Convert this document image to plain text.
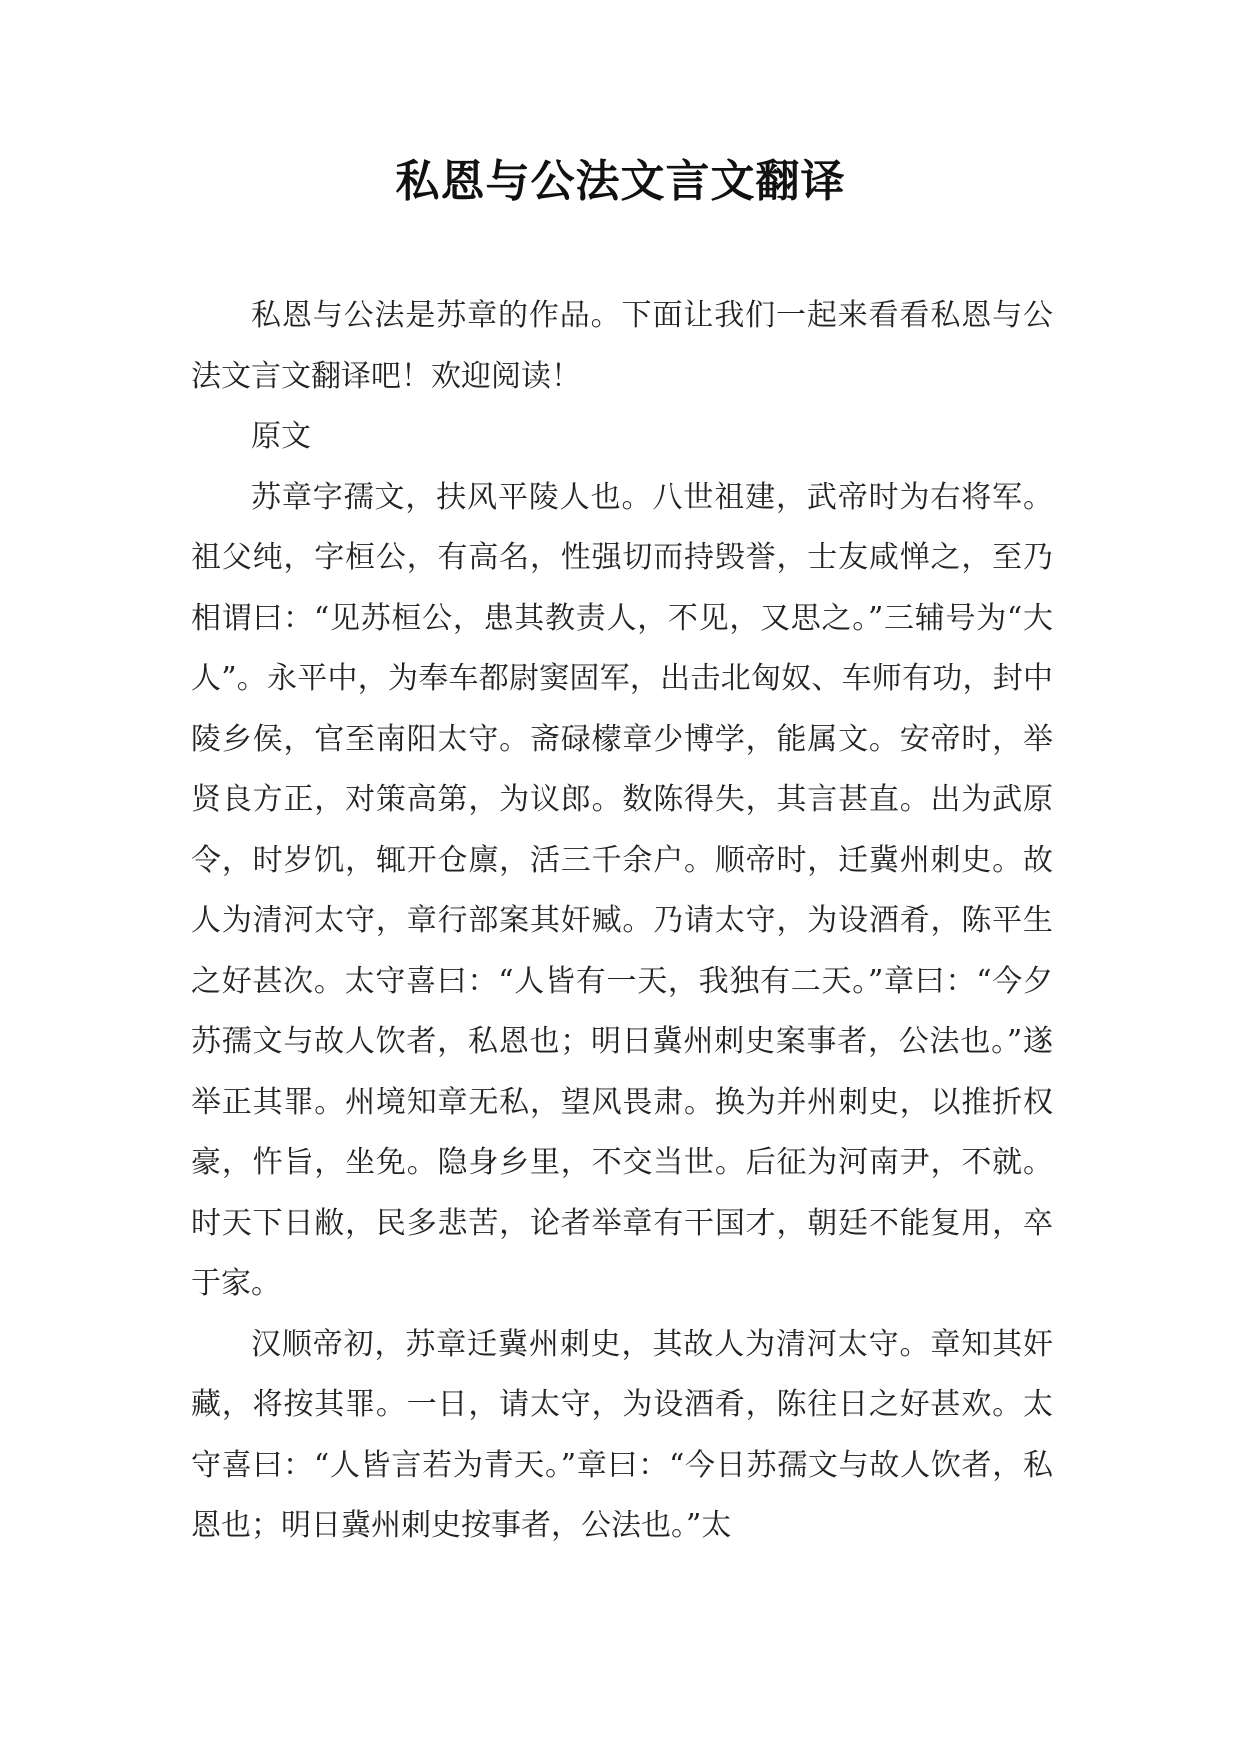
私恩与公法文言文翻译

私恩与公法是苏章的作品。下面让我们一起来看看私恩与公法文言文翻译吧！欢迎阅读！

原文

苏章字孺文，扶风平陵人也。八世祖建，武帝时为右将军。祖父纯，字桓公，有高名，性强切而持毁誉，士友咸惮之，至乃相谓曰：“见苏桓公，患其教责人，不见，又思之。”三辅号为“大人”。永平中，为奉车都尉窦固军，出击北匈奴、车师有功，封中陵乡侯，官至南阳太守。斋碌檬章少博学，能属文。安帝时，举贤良方正，对策高第，为议郎。数陈得失，其言甚直。出为武原令，时岁饥，辄开仓廪，活三千余户。顺帝时，迁冀州刺史。故人为清河太守，章行部案其奸臧。乃请太守，为设酒肴，陈平生之好甚次。太守喜曰：“人皆有一天，我独有二天。”章曰：“今夕苏孺文与故人饮者，私恩也；明日冀州刺史案事者，公法也。”遂举正其罪。州境知章无私，望风畏肃。换为并州刺史，以推折权豪，忤旨，坐免。隐身乡里，不交当世。后征为河南尹，不就。时天下日敝，民多悲苦，论者举章有干国才，朝廷不能复用，卒于家。

汉顺帝初，苏章迁冀州刺史，其故人为清河太守。章知其奸藏，将按其罪。一日，请太守，为设酒肴，陈往日之好甚欢。太守喜曰：“人皆言若为青天。”章曰：“今日苏孺文与故人饮者，私恩也；明日冀州刺史按事者，公法也。”太
